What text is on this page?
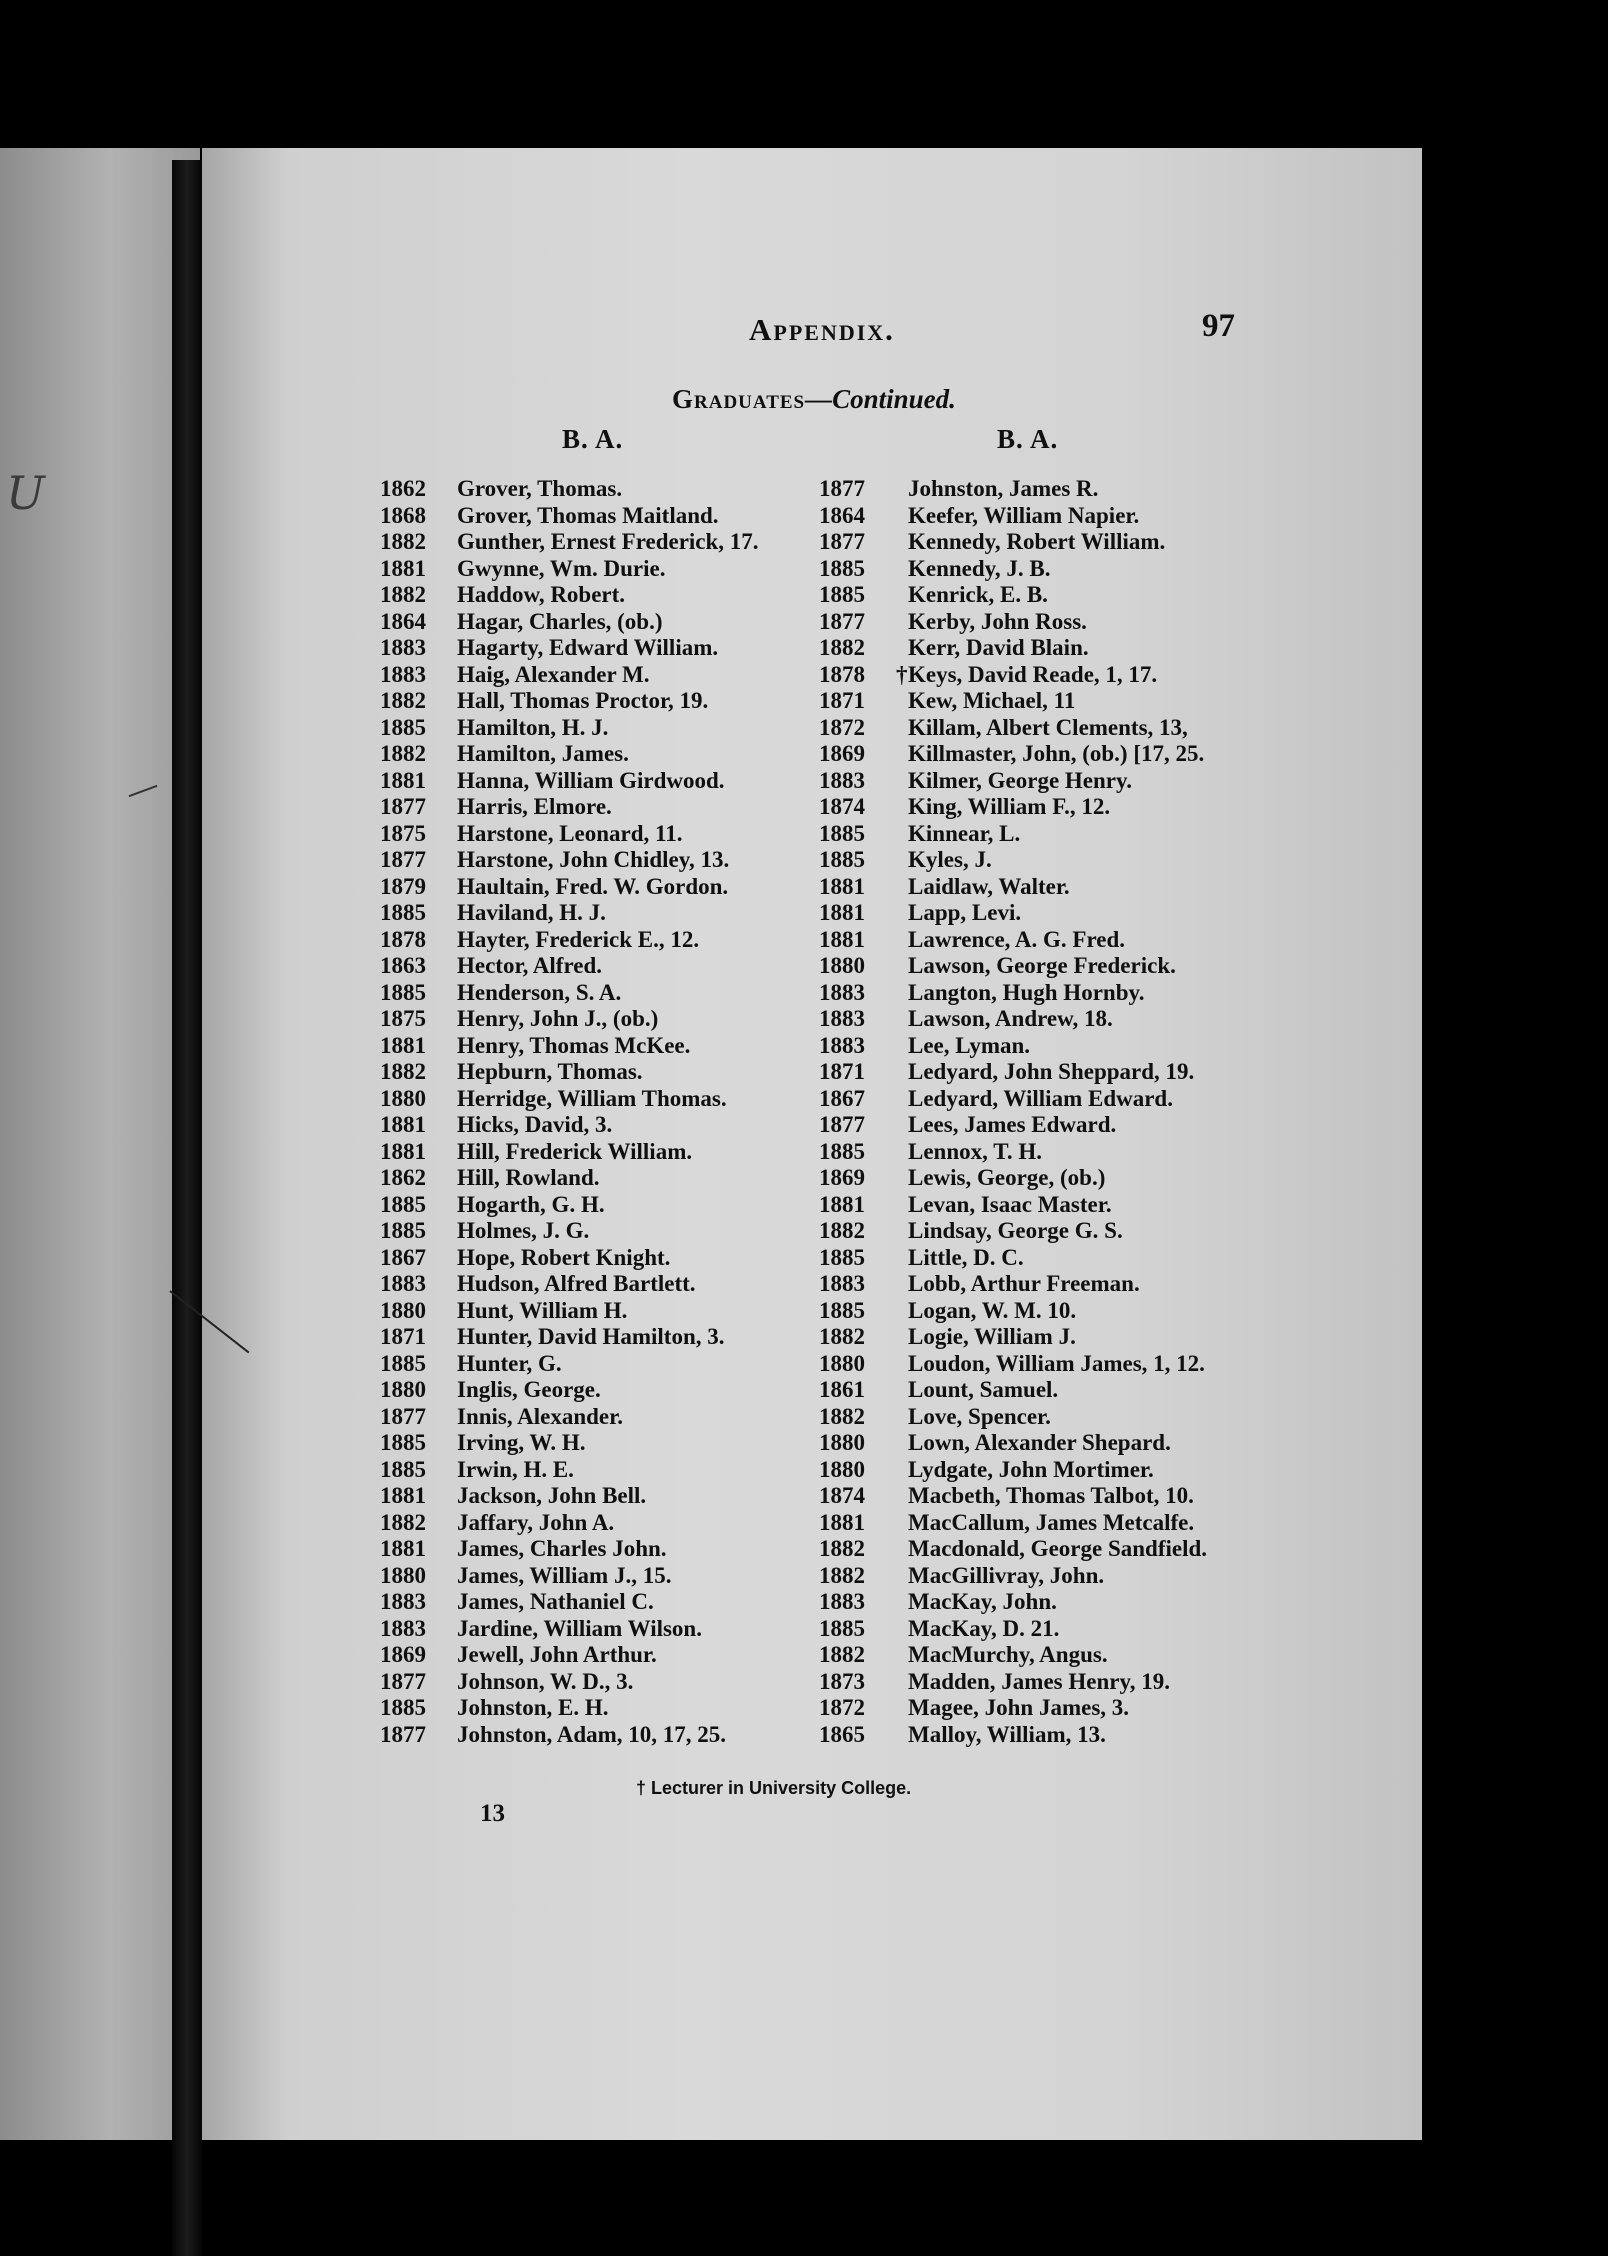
U
Appendix.	97
Graduates—Continued.
B. A.	B. A.
1862 Grover, Thomas.
1868 Grover, Thomas Maitland.
1882 Gunther, Ernest Frederick, 17.
1881 Gwynne, Wm. Durie.
1882 Haddow, Robert.
1864 Hagar, Charles, (ob.)
1883 Hagarty, Edward William.
1883 Haig, Alexander M.
1882 Hall, Thomas Proctor, 19.
1885 Hamilton, H. J.
1882 Hamilton, James.
1881 Hanna, William Girdwood.
1877 Harris, Elmore.
1875 Harstone, Leonard, 11.
1877 Harstone, John Chidley, 13.
1879 Haultain, Fred. W. Gordon.
1885 Haviland, H. J.
1878 Hayter, Frederick E., 12.
1863 Hector, Alfred.
1885 Henderson, S. A.
1875 Henry, John J., (ob.)
1881 Henry, Thomas McKee.
1882 Hepburn, Thomas.
1880 Herridge, William Thomas.
1881 Hicks, David, 3.
1881 Hill, Frederick William.
1862 Hill, Rowland.
1885 Hogarth, G. H.
1885 Holmes, J. G.
1867 Hope, Robert Knight.
1883 Hudson, Alfred Bartlett.
1880 Hunt, William H.
1871 Hunter, David Hamilton, 3.
1885 Hunter, G.
1880 Inglis, George.
1877 Innis, Alexander.
1885 Irving, W. H.
1885 Irwin, H. E.
1881 Jackson, John Bell.
1882 Jaffary, John A.
1881 James, Charles John.
1880 James, William J., 15.
1883 James, Nathaniel C.
1883 Jardine, William Wilson.
1869 Jewell, John Arthur.
1877 Johnson, W. D., 3.
1885 Johnston, E. H.
1877 Johnston, Adam, 10, 17, 25.
1877 Johnston, James R.
1864 Keefer, William Napier.
1877 Kennedy, Robert William.
1885 Kennedy, J. B.
1885 Kenrick, E. B.
1877 Kerby, John Ross.
1882 Kerr, David Blain.
1878 †Keys, David Reade, 1, 17.
1871 Kew, Michael, 11
1872 Killam, Albert Clements, 13,
1869 Killmaster, John, (ob.) [17, 25.
1883 Kilmer, George Henry.
1874 King, William F., 12.
1885 Kinnear, L.
1885 Kyles, J.
1881 Laidlaw, Walter.
1881 Lapp, Levi.
1881 Lawrence, A. G. Fred.
1880 Lawson, George Frederick.
1883 Langton, Hugh Hornby.
1883 Lawson, Andrew, 18.
1883 Lee, Lyman.
1871 Ledyard, John Sheppard, 19.
1867 Ledyard, William Edward.
1877 Lees, James Edward.
1885 Lennox, T. H.
1869 Lewis, George, (ob.)
1881 Levan, Isaac Master.
1882 Lindsay, George G. S.
1885 Little, D. C.
1883 Lobb, Arthur Freeman.
1885 Logan, W. M. 10.
1882 Logie, William J.
1880 Loudon, William James, 1, 12.
1861 Lount, Samuel.
1882 Love, Spencer.
1880 Lown, Alexander Shepard.
1880 Lydgate, John Mortimer.
1874 Macbeth, Thomas Talbot, 10.
1881 MacCallum, James Metcalfe.
1882 Macdonald, George Sandfield.
1882 MacGillivray, John.
1883 MacKay, John.
1885 MacKay, D. 21.
1882 MacMurchy, Angus.
1873 Madden, James Henry, 19.
1872 Magee, John James, 3.
1865 Malloy, William, 13.
† Lecturer in University College.
13
